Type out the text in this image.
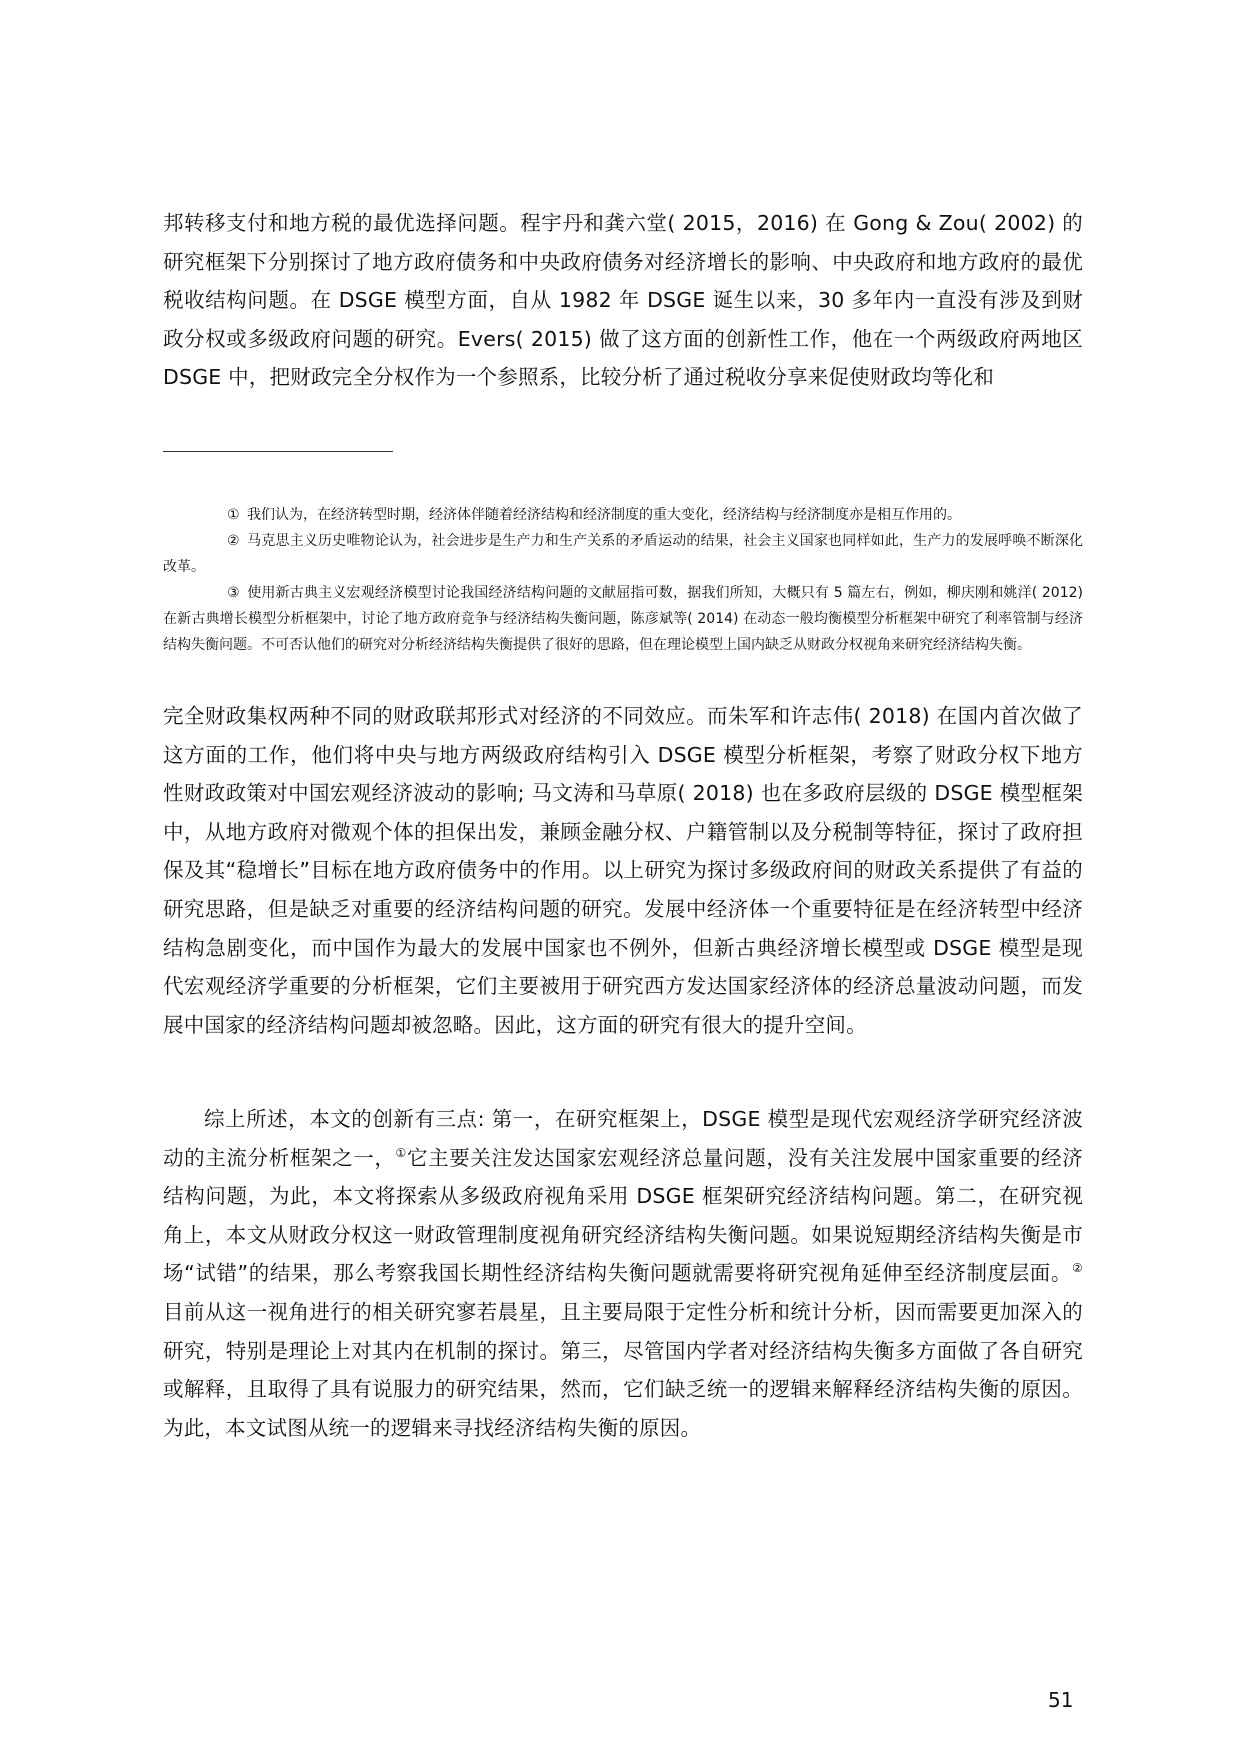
邦转移支付和地方税的最优选择问题。程宇丹和龚六堂( 2015，2016) 在 Gong & Zou( 2002) 的研究框架下分别探讨了地方政府债务和中央政府债务对经济增长的影响、中央政府和地方政府的最优税收结构问题。在 DSGE 模型方面，自从 1982 年 DSGE 诞生以来，30 多年内一直没有涉及到财政分权或多级政府问题的研究。Evers( 2015) 做了这方面的创新性工作，他在一个两级政府两地区 DSGE 中，把财政完全分权作为一个参照系，比较分析了通过税收分享来促使财政均等化和

① 我们认为，在经济转型时期，经济体伴随着经济结构和经济制度的重大变化，经济结构与经济制度亦是相互作用的。

② 马克思主义历史唯物论认为，社会进步是生产力和生产关系的矛盾运动的结果，社会主义国家也同样如此，生产力的发展呼唤不断深化改革。

③ 使用新古典主义宏观经济模型讨论我国经济结构问题的文献屈指可数，据我们所知，大概只有 5 篇左右，例如，柳庆刚和姚洋( 2012) 在新古典增长模型分析框架中，讨论了地方政府竞争与经济结构失衡问题，陈彦斌等( 2014) 在动态一般均衡模型分析框架中研究了利率管制与经济结构失衡问题。不可否认他们的研究对分析经济结构失衡提供了很好的思路，但在理论模型上国内缺乏从财政分权视角来研究经济结构失衡。

完全财政集权两种不同的财政联邦形式对经济的不同效应。而朱军和许志伟( 2018) 在国内首次做了这方面的工作，他们将中央与地方两级政府结构引入 DSGE 模型分析框架，考察了财政分权下地方性财政政策对中国宏观经济波动的影响; 马文涛和马草原( 2018) 也在多政府层级的 DSGE 模型框架中，从地方政府对微观个体的担保出发，兼顾金融分权、户籍管制以及分税制等特征，探讨了政府担保及其“稳增长”目标在地方政府债务中的作用。以上研究为探讨多级政府间的财政关系提供了有益的研究思路，但是缺乏对重要的经济结构问题的研究。发展中经济体一个重要特征是在经济转型中经济结构急剧变化，而中国作为最大的发展中国家也不例外，但新古典经济增长模型或 DSGE 模型是现代宏观经济学重要的分析框架，它们主要被用于研究西方发达国家经济体的经济总量波动问题，而发展中国家的经济结构问题却被忽略。因此，这方面的研究有很大的提升空间。
综上所述，本文的创新有三点: 第一，在研究框架上，DSGE 模型是现代宏观经济学研究经济波动的主流分析框架之一，①它主要关注发达国家宏观经济总量问题，没有关注发展中国家重要的经济结构问题，为此，本文将探索从多级政府视角采用 DSGE 框架研究经济结构问题。第二，在研究视角上，本文从财政分权这一财政管理制度视角研究经济结构失衡问题。如果说短期经济结构失衡是市场“试错”的结果，那么考察我国长期性经济结构失衡问题就需要将研究视角延伸至经济制度层面。②目前从这一视角进行的相关研究寥若晨星，且主要局限于定性分析和统计分析，因而需要更加深入的研究，特别是理论上对其内在机制的探讨。第三，尽管国内学者对经济结构失衡多方面做了各自研究或解释，且取得了具有说服力的研究结果，然而，它们缺乏统一的逻辑来解释经济结构失衡的原因。为此，本文试图从统一的逻辑来寻找经济结构失衡的原因。
51
